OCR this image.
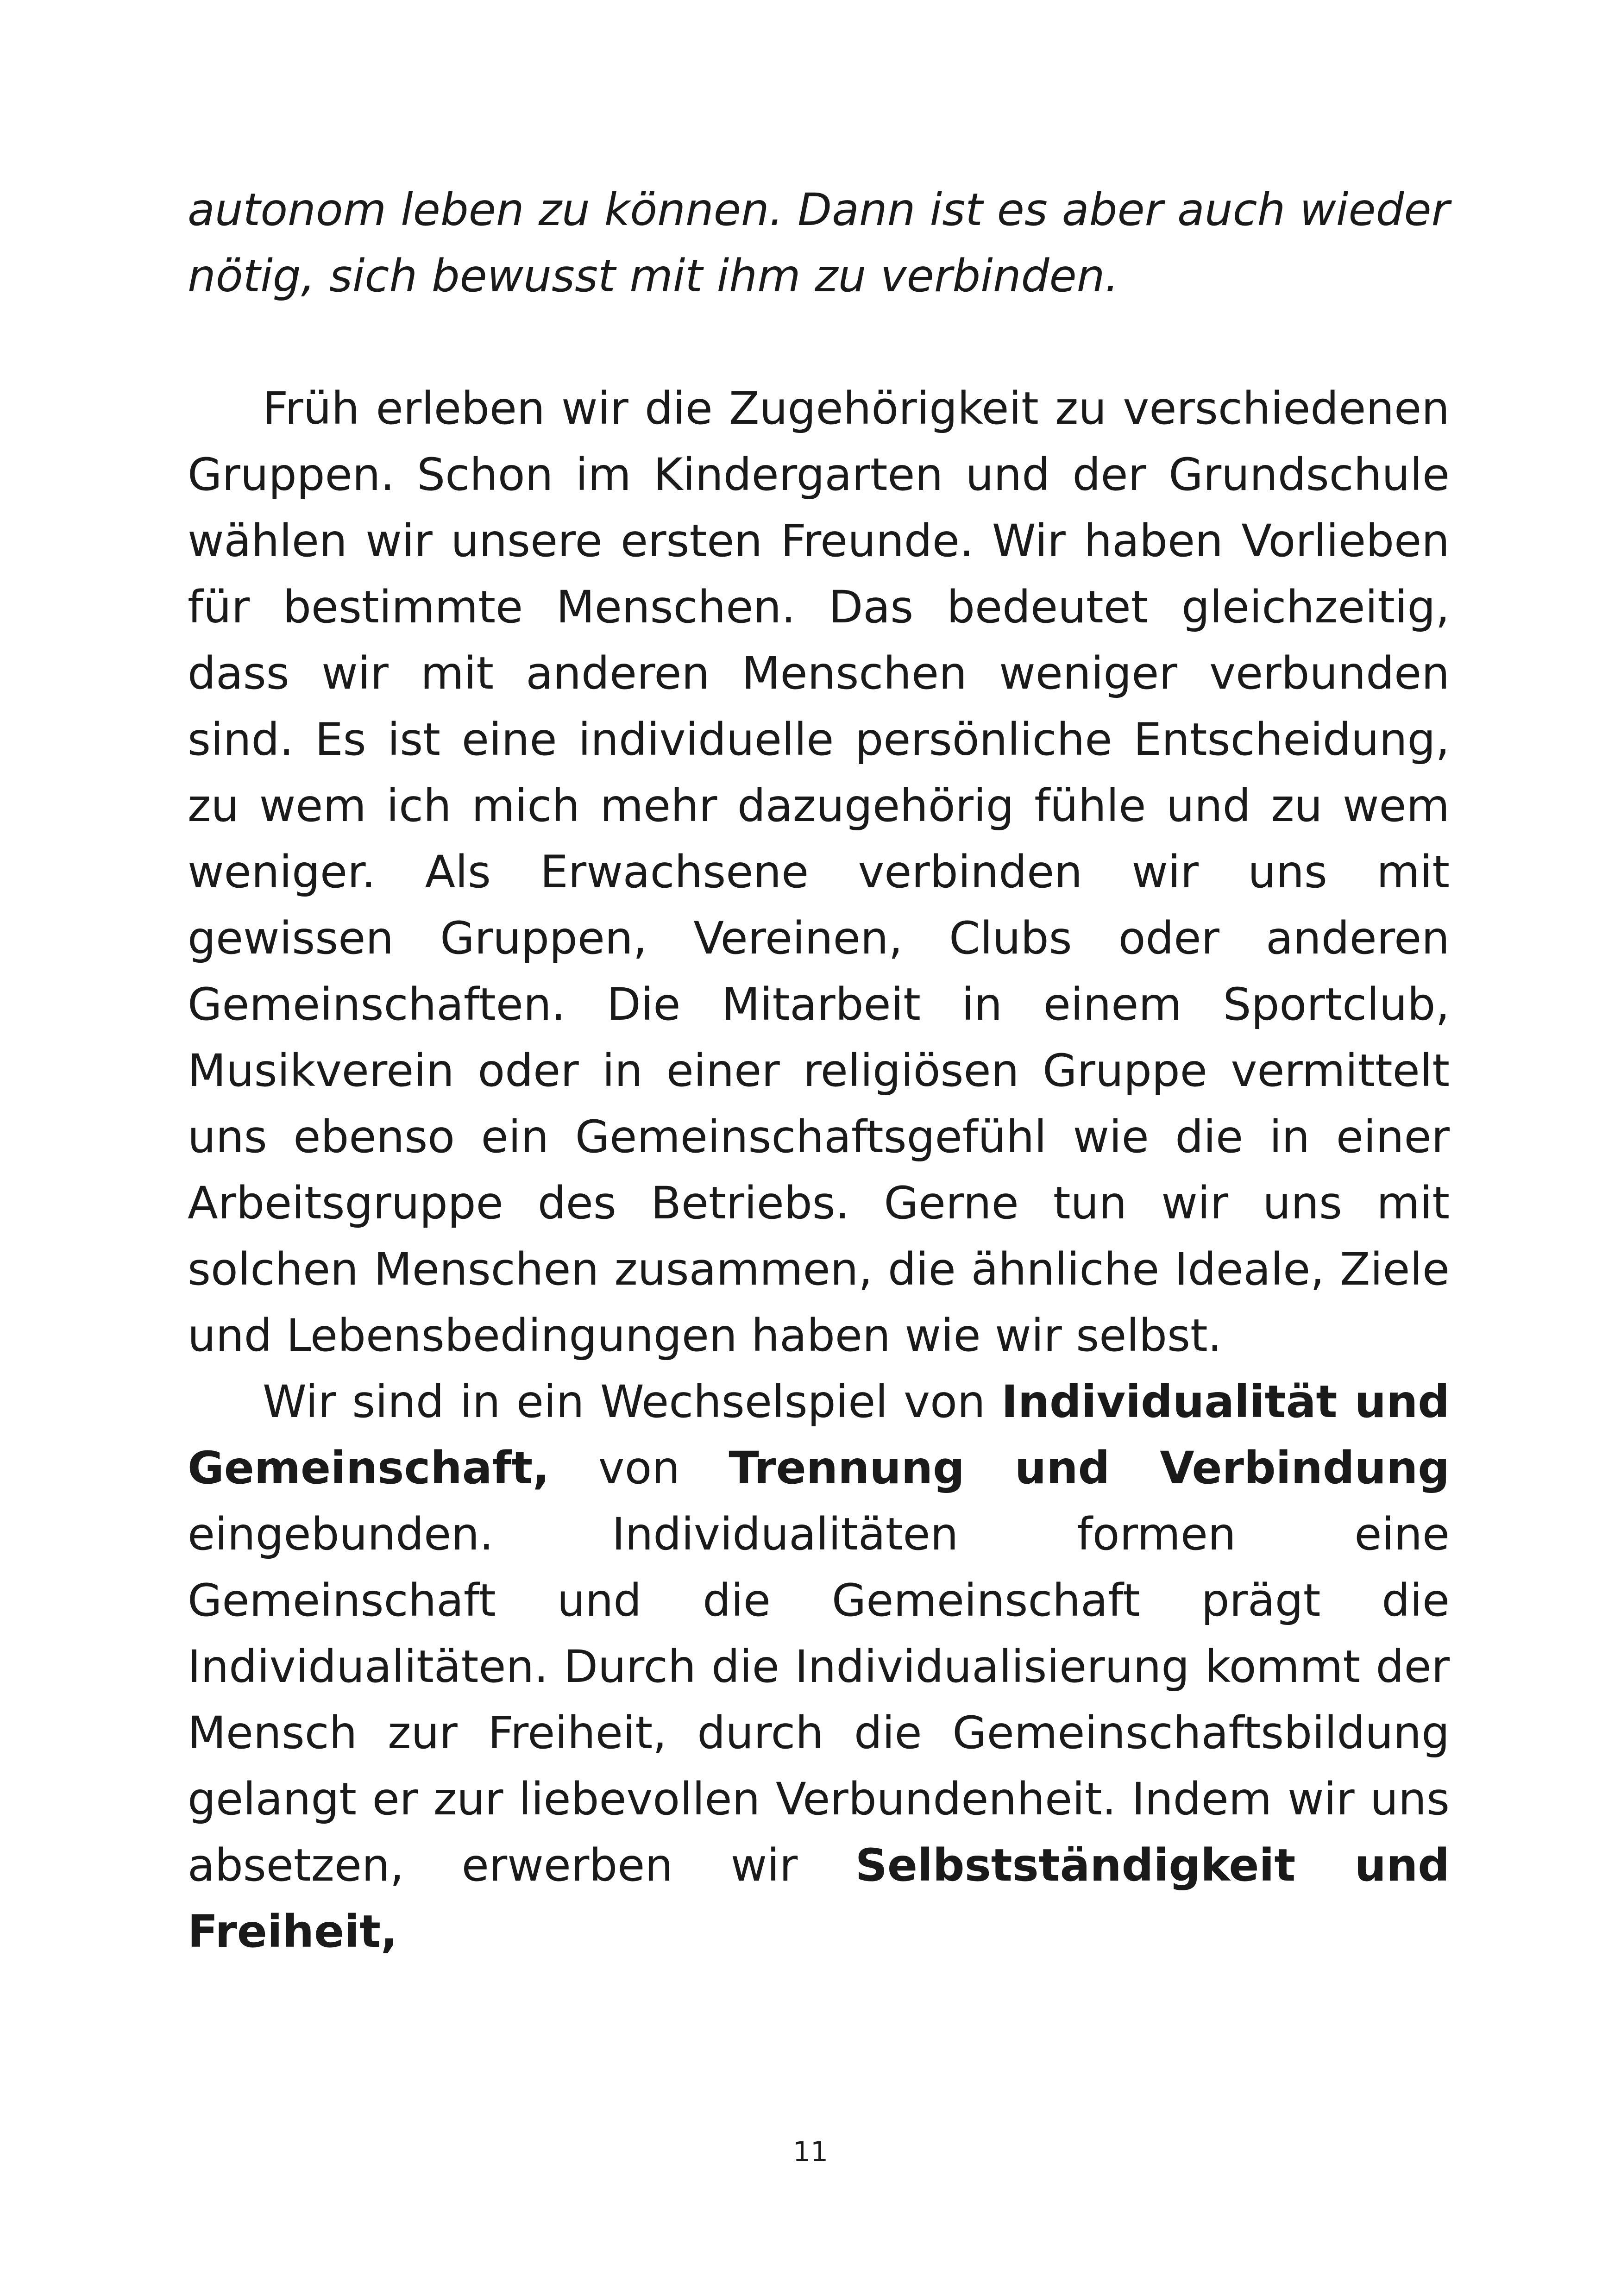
autonom leben zu können. Dann ist es aber auch wieder nötig, sich bewusst mit ihm zu verbinden.

Früh erleben wir die Zugehörigkeit zu verschiedenen Gruppen. Schon im Kindergarten und der Grundschule wählen wir unsere ersten Freunde. Wir haben Vorlieben für bestimmte Menschen. Das bedeutet gleichzeitig, dass wir mit anderen Menschen weniger verbunden sind. Es ist eine individuelle persönliche Entscheidung, zu wem ich mich mehr dazugehörig fühle und zu wem weniger. Als Erwachsene verbinden wir uns mit gewissen Gruppen, Vereinen, Clubs oder anderen Gemeinschaften. Die Mitarbeit in einem Sportclub, Musikverein oder in einer religiösen Gruppe vermittelt uns ebenso ein Gemeinschaftsgefühl wie die in einer Arbeitsgruppe des Betriebs. Gerne tun wir uns mit solchen Menschen zusammen, die ähnliche Ideale, Ziele und Lebensbedingungen haben wie wir selbst.

Wir sind in ein Wechselspiel von Individualität und Gemeinschaft, von Trennung und Verbindung eingebunden. Individualitäten formen eine Gemeinschaft und die Gemeinschaft prägt die Individualitäten. Durch die Individualisierung kommt der Mensch zur Freiheit, durch die Gemeinschaftsbildung gelangt er zur liebevollen Verbundenheit. Indem wir uns absetzen, erwerben wir Selbstständigkeit und Freiheit,

11
